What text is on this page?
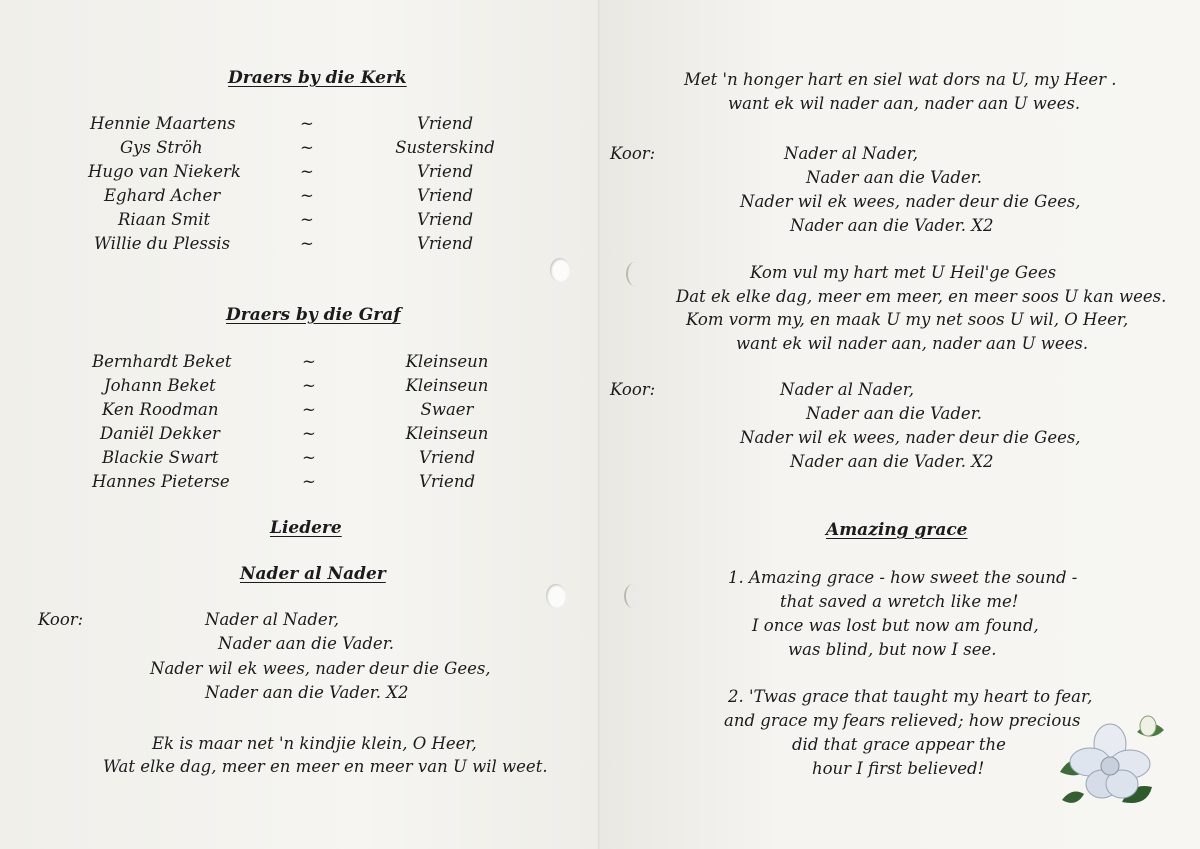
Draers by die Kerk
Hennie Maartens	~	Vriend
Gys Ströh	~	Susterskind
Hugo van Niekerk	~	Vriend
Eghard Acher	~	Vriend
Riaan Smit	~	Vriend
Willie du Plessis	~	Vriend
Draers by die Graf
Bernhardt Beket	~	Kleinseun
Johann Beket	~	Kleinseun
Ken Roodman	~	Swaer
Daniël Dekker	~	Kleinseun
Blackie Swart	~	Vriend
Hannes Pieterse	~	Vriend
Liedere
Nader al Nader
Koor:	Nader al Nader,
Nader aan die Vader.
Nader wil ek wees, nader deur die Gees,
Nader aan die Vader. X2
Ek is maar net 'n kindjie klein, O Heer,
Wat elke dag, meer en meer en meer van U wil weet.
Met 'n honger hart en siel wat dors na U, my Heer .
want ek wil nader aan, nader aan U wees.
Koor:	Nader al Nader,
Nader aan die Vader.
Nader wil ek wees, nader deur die Gees,
Nader aan die Vader. X2
Kom vul my hart met U Heil'ge Gees
Dat ek elke dag, meer em meer, en meer soos U kan wees.
Kom vorm my, en maak U my net soos U wil, O Heer,
want ek wil nader aan, nader aan U wees.
Koor:	Nader al Nader,
Nader aan die Vader.
Nader wil ek wees, nader deur die Gees,
Nader aan die Vader. X2
Amazing grace
1. Amazing grace - how sweet the sound -
that saved a wretch like me!
I once was lost but now am found,
was blind, but now I see.
2. 'Twas grace that taught my heart to fear,
and grace my fears relieved; how precious
did that grace appear the
hour I first believed!
